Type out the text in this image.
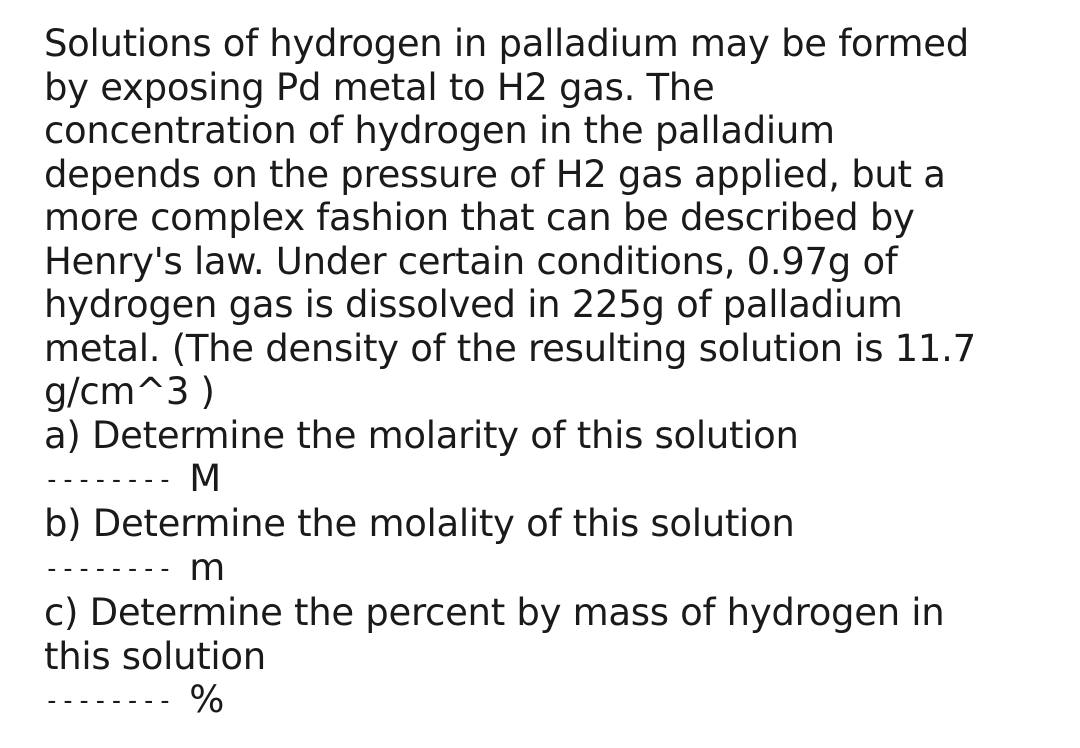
Solutions of hydrogen in palladium may be formed
by exposing Pd metal to H2 gas. The
concentration of hydrogen in the palladium
depends on the pressure of H2 gas applied, but a
more complex fashion that can be described by
Henry's law. Under certain conditions, 0.97g of
hydrogen gas is dissolved in 225g of palladium
metal. (The density of the resulting solution is 11.7
g/cm^3 )
a) Determine the molarity of this solution
-------- M
b) Determine the molality of this solution
-------- m
c) Determine the percent by mass of hydrogen in
this solution
-------- %
